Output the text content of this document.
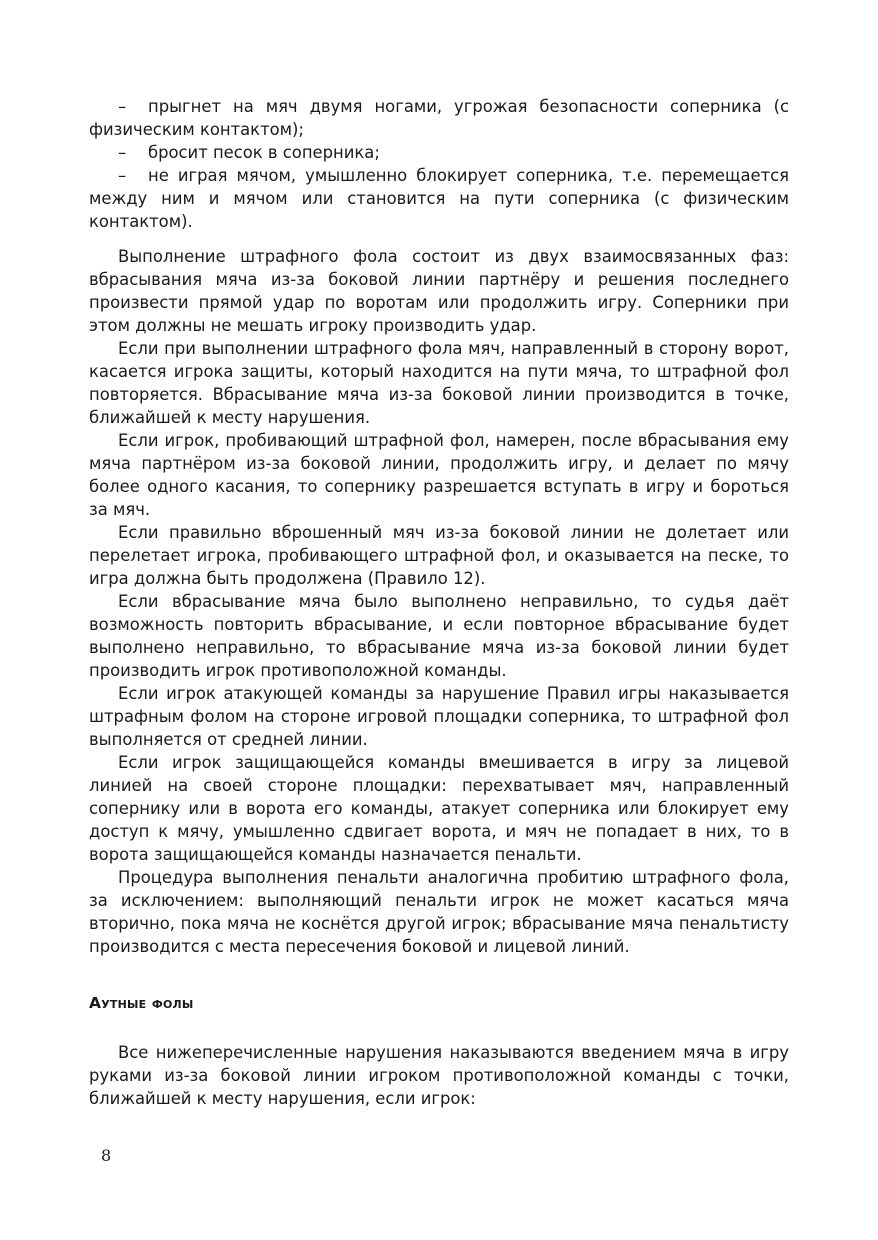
– прыгнет на мяч двумя ногами, угрожая безопасности соперника (с физическим контактом);

– бросит песок в соперника;

– не играя мячом, умышленно блокирует соперника, т.е. перемещается между ним и мячом или становится на пути соперника (с физическим контактом).

Выполнение штрафного фола состоит из двух взаимосвязанных фаз: вбрасывания мяча из-за боковой линии партнёру и решения последнего произвести прямой удар по воротам или продолжить игру. Соперники при этом должны не мешать игроку производить удар.

Если при выполнении штрафного фола мяч, направленный в сторону ворот, касается игрока защиты, который находится на пути мяча, то штрафной фол повторяется. Вбрасывание мяча из-за боковой линии производится в точке, ближайшей к месту нарушения.

Если игрок, пробивающий штрафной фол, намерен, после вбрасывания ему мяча партнёром из-за боковой линии, продолжить игру, и делает по мячу более одного касания, то сопернику разрешается вступать в игру и бороться за мяч.

Если правильно вброшенный мяч из-за боковой линии не долетает или перелетает игрока, пробивающего штрафной фол, и оказывается на песке, то игра должна быть продолжена (Правило 12).

Если вбрасывание мяча было выполнено неправильно, то судья даёт возможность повторить вбрасывание, и если повторное вбрасывание будет выполнено неправильно, то вбрасывание мяча из-за боковой линии будет производить игрок противоположной команды.

Если игрок атакующей команды за нарушение Правил игры наказывается штрафным фолом на стороне игровой площадки соперника, то штрафной фол выполняется от средней линии.

Если игрок защищающейся команды вмешивается в игру за лицевой линией на своей стороне площадки: перехватывает мяч, направленный сопернику или в ворота его команды, атакует соперника или блокирует ему доступ к мячу, умышленно сдвигает ворота, и мяч не попадает в них, то в ворота защищающейся команды назначается пенальти.

Процедура выполнения пенальти аналогична пробитию штрафного фола, за исключением: выполняющий пенальти игрок не может касаться мяча вторично, пока мяча не коснётся другой игрок; вбрасывание мяча пенальтисту производится с места пересечения боковой и лицевой линий.

Аутные фолы

Все нижеперечисленные нарушения наказываются введением мяча в игру руками из-за боковой линии игроком противоположной команды с точки, ближайшей к месту нарушения, если игрок:

8
